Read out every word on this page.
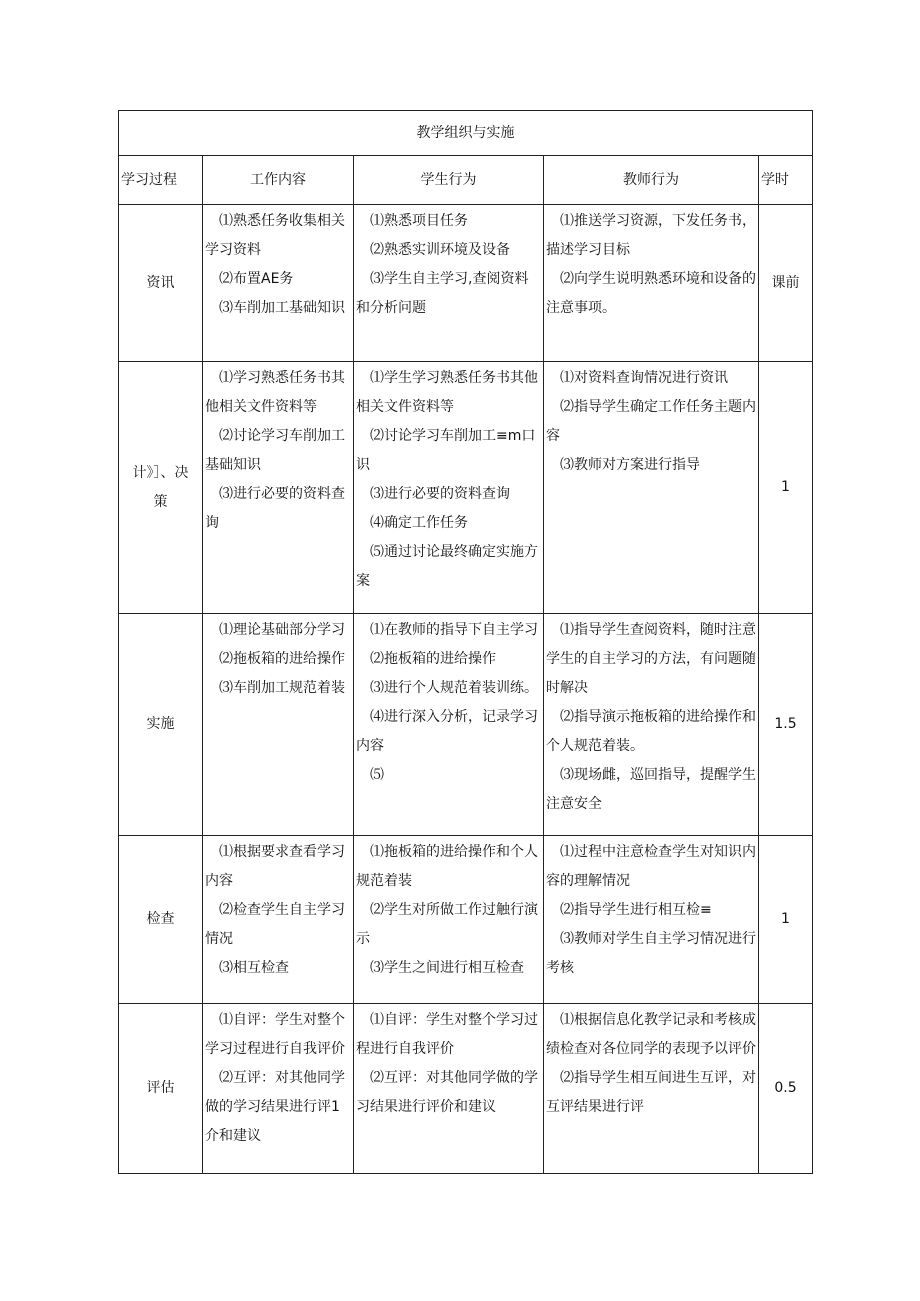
教学组织与实施				
学习过程	工作内容	学生行为	教师行为	学时

资讯	⑴熟悉任务收集相关学习资料
⑵布置AE务
⑶车削加工基础知识	⑴熟悉项目任务
⑵熟悉实训环境及设备
⑶学生自主学习,查阅资料和分析问题	⑴推送学习资源，下发任务书，描述学习目标
⑵向学生说明熟悉环境和设备的注意事项。	课前

计》］、决
策	⑴学习熟悉任务书其他相关文件资料等
⑵讨论学习车削加工基础知识
⑶进行必要的资料查询	⑴学生学习熟悉任务书其他相关文件资料等
⑵讨论学习车削加工≡m口识
⑶进行必要的资料查询
⑷确定工作任务
⑸通过讨论最终确定实施方案	⑴对资料查询情况进行资讯
⑵指导学生确定工作任务主题内容
⑶教师对方案进行指导	1

实施	⑴理论基础部分学习
⑵拖板箱的进给操作
⑶车削加工规范着装	⑴在教师的指导下自主学习
⑵拖板箱的进给操作
⑶进行个人规范着装训练。
⑷进行深入分析，记录学习内容
⑸	⑴指导学生查阅资料，随时注意学生的自主学习的方法，有问题随时解决
⑵指导演示拖板箱的进给操作和个人规范着装。
⑶现场雌，巡回指导，提醒学生注意安全	1.5

检查	⑴根据要求查看学习内容
⑵检查学生自主学习情况
⑶相互检查	⑴拖板箱的进给操作和个人规范着装
⑵学生对所做工作过触行演示
⑶学生之间进行相互检查	⑴过程中注意检查学生对知识内容的理解情况
⑵指导学生进行相互检≡
⑶教师对学生自主学习情况进行考核	1

评估	⑴自评：学生对整个学习过程进行自我评价
⑵互评：对其他同学做的学习结果进行评1介和建议	⑴自评：学生对整个学习过程进行自我评价
⑵互评：对其他同学做的学习结果进行评价和建议	⑴根据信息化教学记录和考核成绩检查对各位同学的表现予以评价
⑵指导学生相互间进生互评，对互评结果进行评	0.5
